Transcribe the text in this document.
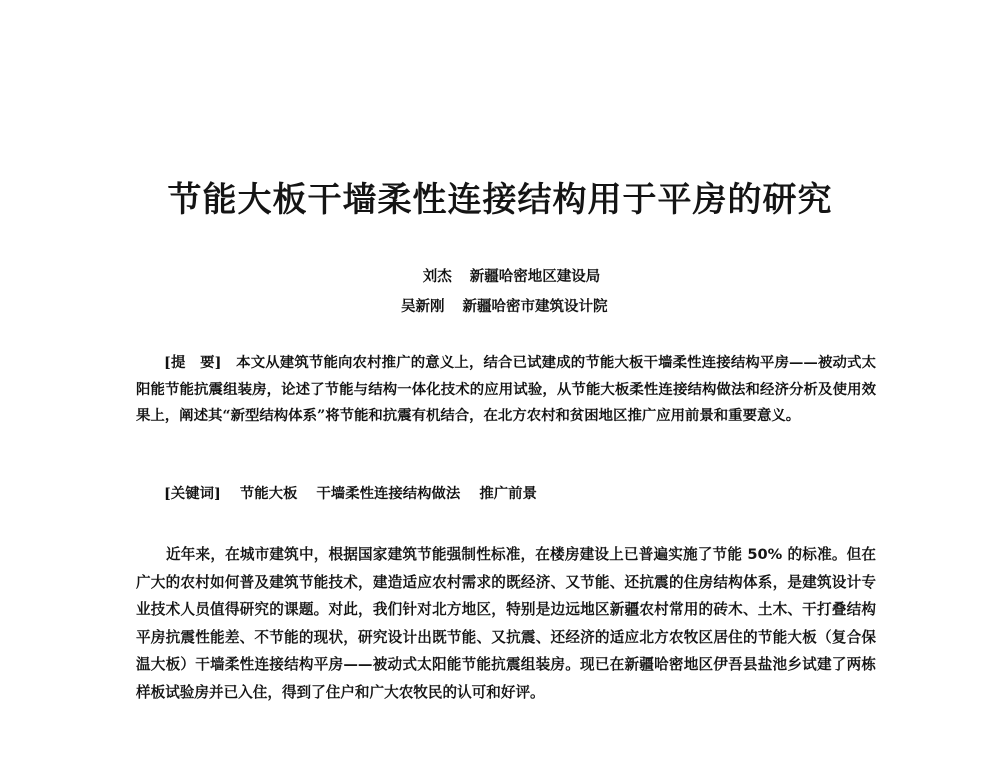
节能大板干墙柔性连接结构用于平房的研究
刘杰 新疆哈密地区建设局
吴新刚 新疆哈密市建筑设计院
[提　要]　 本文从建筑节能向农村推广的意义上，结合已试建成的节能大板干墙柔性连接结构平房——被动式太阳能节能抗震组装房，论述了节能与结构一体化技术的应用试验，从节能大板柔性连接结构做法和经济分析及使用效果上，阐述其“新型结构体系”将节能和抗震有机结合，在北方农村和贫困地区推广应用前景和重要意义。
[关键词] 节能大板 干墙柔性连接结构做法 推广前景
近年来，在城市建筑中，根据国家建筑节能强制性标准，在楼房建设上已普遍实施了节能 50% 的标准。但在广大的农村如何普及建筑节能技术，建造适应农村需求的既经济、又节能、还抗震的住房结构体系，是建筑设计专业技术人员值得研究的课题。对此，我们针对北方地区，特别是边远地区新疆农村常用的砖木、土木、干打叠结构平房抗震性能差、不节能的现状，研究设计出既节能、又抗震、还经济的适应北方农牧区居住的节能大板（复合保温大板）干墙柔性连接结构平房——被动式太阳能节能抗震组装房。现已在新疆哈密地区伊吾县盐池乡试建了两栋样板试验房并已入住，得到了住户和广大农牧民的认可和好评。
